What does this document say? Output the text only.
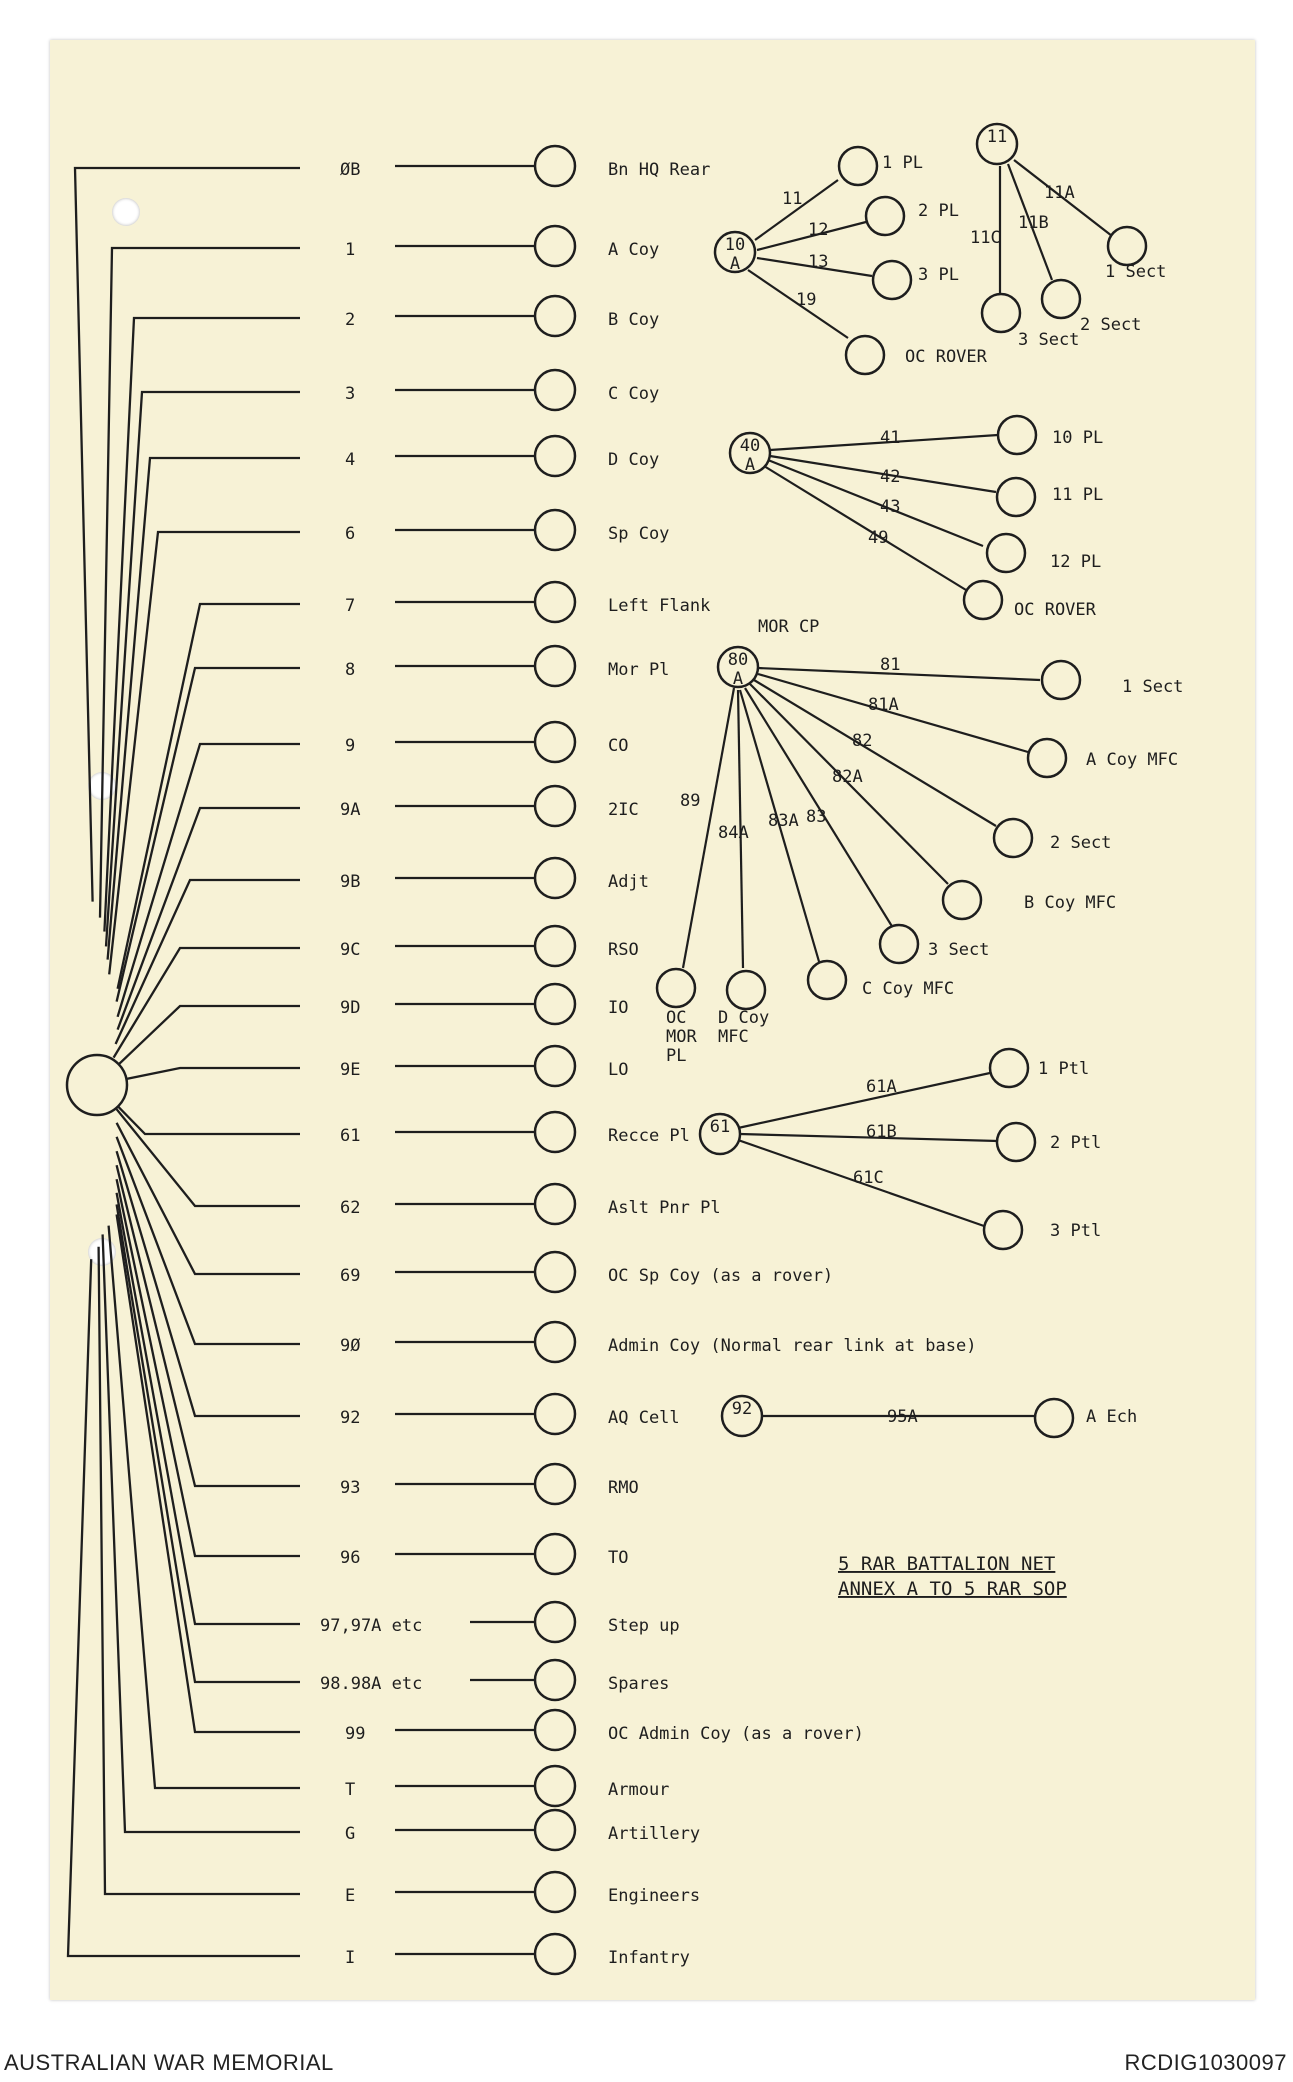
ØB	Bn HQ Rear
1	A Coy
2	B Coy
3	C Coy
4	D Coy
6	Sp Coy
7	Left Flank
8	Mor Pl
9	CO
9A	2IC
9B	Adjt
9C	RSO
9D	IO
9E	LO
61	Recce Pl
62	Aslt Pnr Pl
69	OC Sp Coy (as a rover)
9Ø	Admin Coy (Normal rear link at base)
92	AQ Cell
93	RMO
96	TO
97,97A etc	Step up
98.98A etc	Spares
99	OC Admin Coy (as a rover)
T	Armour
G	Artillery
E	Engineers
I	Infantry
11
1 PL
12
2 PL
13
3 PL
19
OC ROVER
10 A
11A
1 Sect
11B
2 Sect
11C
3 Sect
11
41	10 PL
42
11 PL
43
12 PL
49
OC ROVER
40 A
81
1 Sect
81A
A Coy MFC
82
2 Sect
82A
B Coy MFC
83
3 Sect
83A
C Coy MFC
84A
D Coy MFC
89
OC MOR PL
80 A
MOR CP
61A
1 Ptl
61B
2 Ptl
61C
3 Ptl
61
95A	A Ech
92
5 RAR BATTALION NET
ANNEX A TO 5 RAR SOP
AUSTRALIAN WAR MEMORIAL	RCDIG1030097
